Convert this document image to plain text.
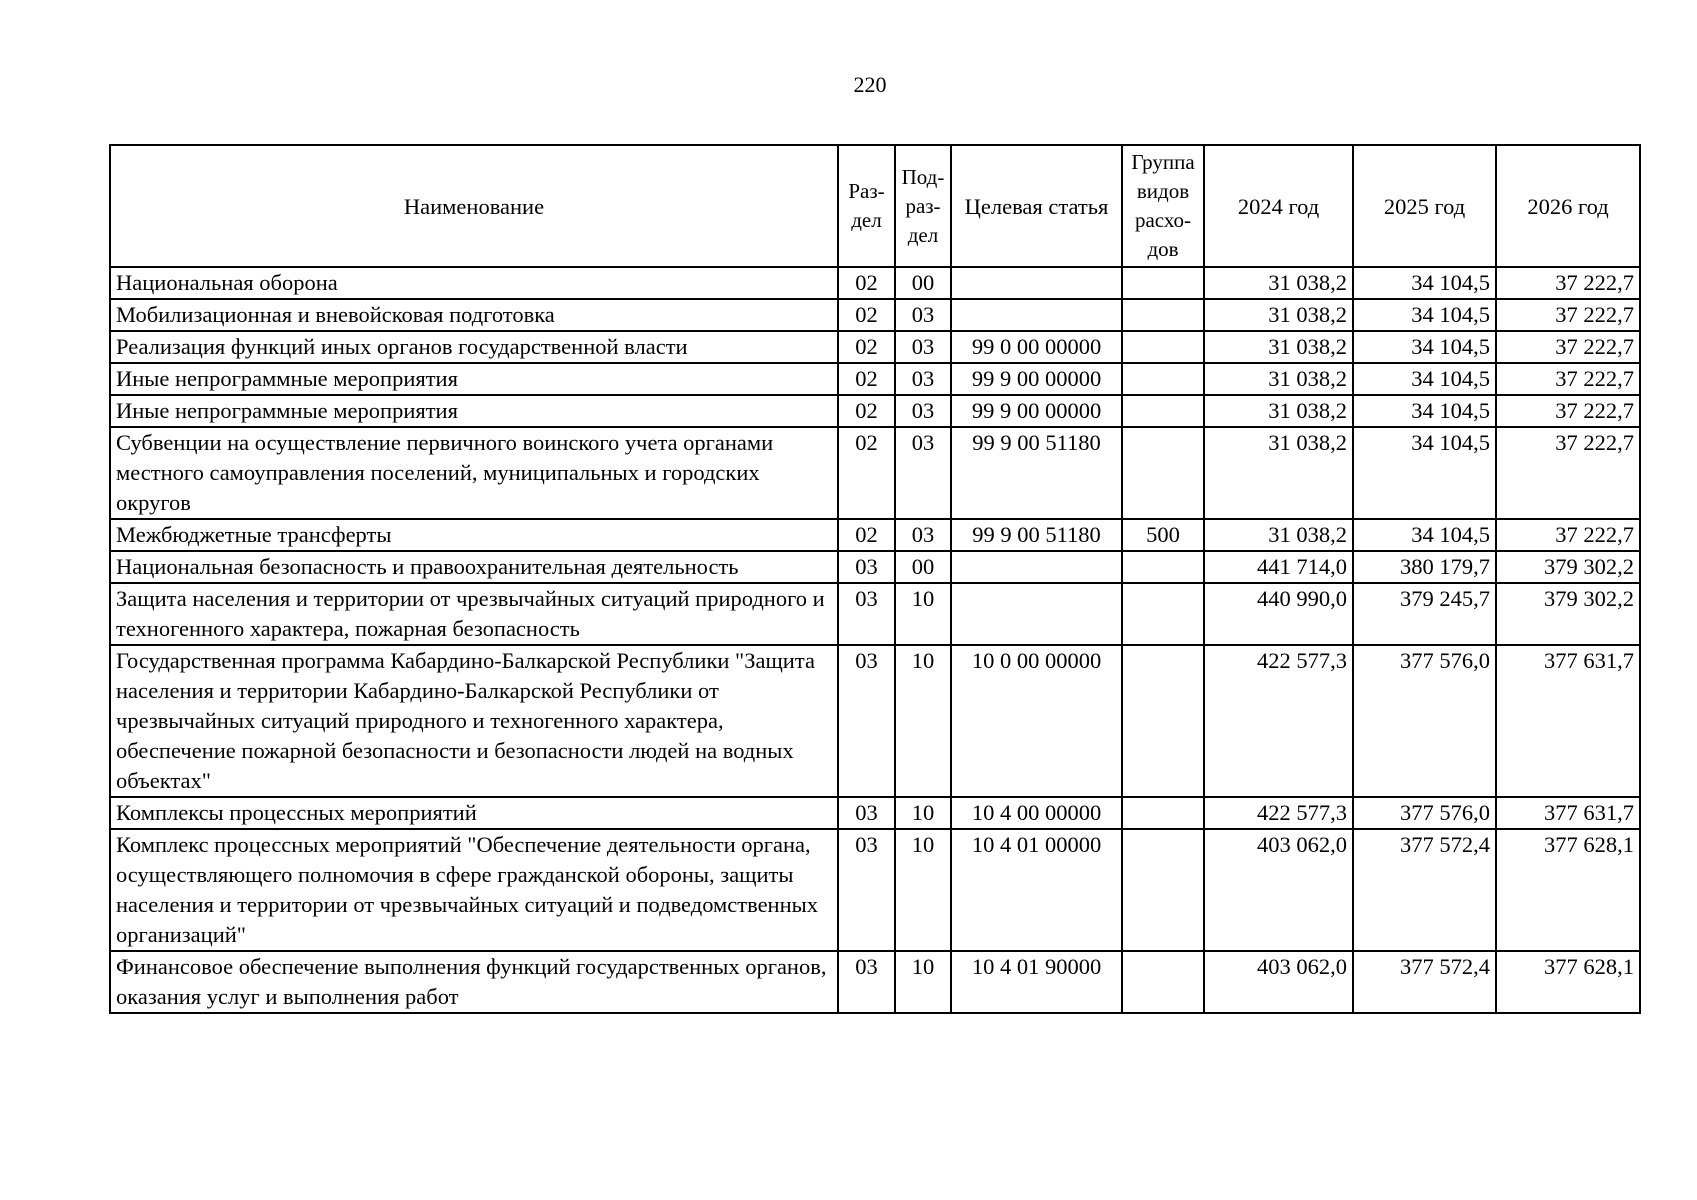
220
Наименование	Раз-дел	Под-раз-дел	Целевая статья	Группа видов расхо-дов	2024 год	2025 год	2026 год
Национальная оборона	02	00			31 038,2	34 104,5	37 222,7
Мобилизационная и вневойсковая подготовка	02	03			31 038,2	34 104,5	37 222,7
Реализация функций иных органов государственной власти	02	03	99 0 00 00000		31 038,2	34 104,5	37 222,7
Иные непрограммные мероприятия	02	03	99 9 00 00000		31 038,2	34 104,5	37 222,7
Иные непрограммные мероприятия	02	03	99 9 00 00000		31 038,2	34 104,5	37 222,7
Субвенции на осуществление первичного воинского учета органами местного самоуправления поселений, муниципальных и городских округов	02	03	99 9 00 51180		31 038,2	34 104,5	37 222,7
Межбюджетные трансферты	02	03	99 9 00 51180	500	31 038,2	34 104,5	37 222,7
Национальная безопасность и правоохранительная деятельность	03	00			441 714,0	380 179,7	379 302,2
Защита населения и территории от чрезвычайных ситуаций природного и техногенного характера, пожарная безопасность	03	10			440 990,0	379 245,7	379 302,2
Государственная программа Кабардино-Балкарской Республики "Защита населения и территории Кабардино-Балкарской Республики от чрезвычайных ситуаций природного и техногенного характера, обеспечение пожарной безопасности и безопасности людей на водных объектах"	03	10	10 0 00 00000		422 577,3	377 576,0	377 631,7
Комплексы процессных мероприятий	03	10	10 4 00 00000		422 577,3	377 576,0	377 631,7
Комплекс процессных мероприятий "Обеспечение деятельности органа, осуществляющего полномочия в сфере гражданской обороны, защиты населения и территории от чрезвычайных ситуаций и подведомственных организаций"	03	10	10 4 01 00000		403 062,0	377 572,4	377 628,1
Финансовое обеспечение выполнения функций государственных органов, оказания услуг и выполнения работ	03	10	10 4 01 90000		403 062,0	377 572,4	377 628,1
